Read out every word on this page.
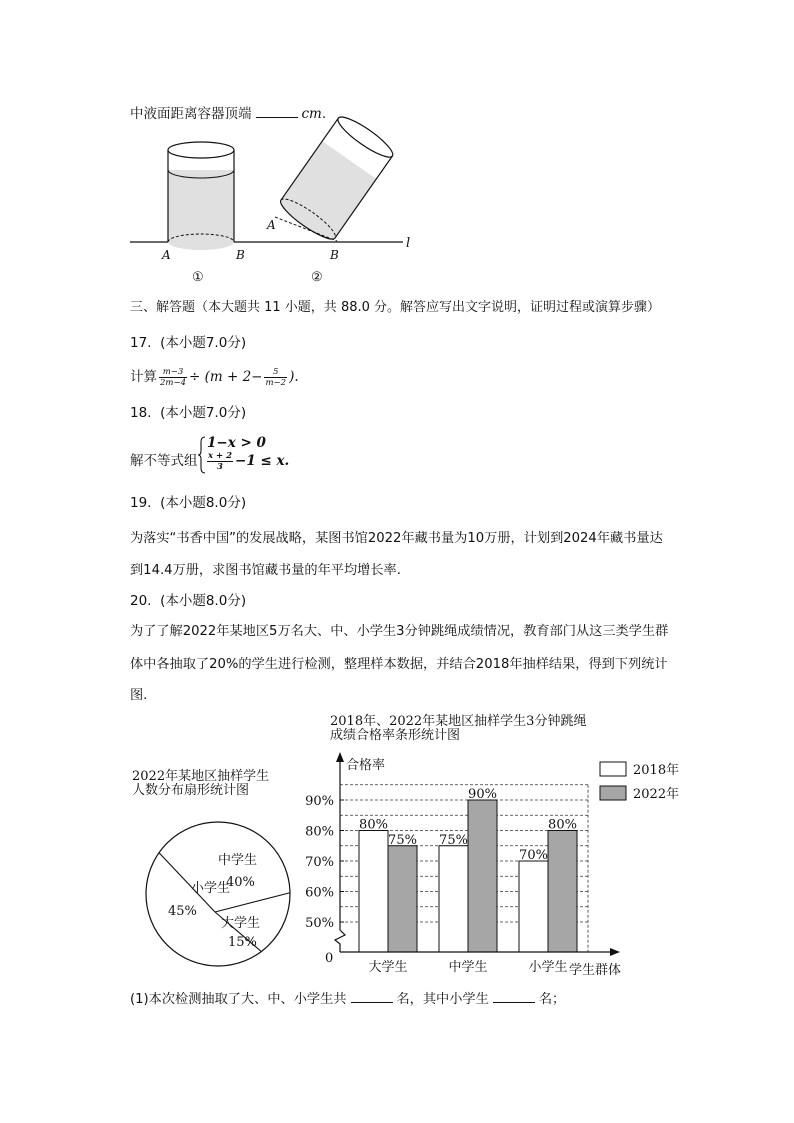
中液面距离容器顶端	cm.
l
A	B
①
A
B
②
三、解答题（本大题共 11 小题，共 88.0 分。解答应写出文字说明，证明过程或演算步骤）
17. (本小题7.0分)
计算 $\frac{m-3}{2m-4} \div (m + 2- \frac{5}{m-2}$ ).
18. (本小题7.0分)
解不等式组
1−x > 0
$\frac{x + 2}{3} -1 \le x$.
19. (本小题8.0分)
为落实“书香中国”的发展战略，某图书馆2022年藏书量为10万册，计划到2024年藏书量达
到14.4万册，求图书馆藏书量的年平均增长率.
20. (本小题8.0分)
为了了解2022年某地区5万名大、中、小学生3分钟跳绳成绩情况，教育部门从这三类学生群
体中各抽取了20%的学生进行检测，整理样本数据，并结合2018年抽样结果，得到下列统计
图.
2022年某地区抽样学生
人数分布扇形统计图
小学生
45%
中学生
40%
大学生
15%
2018年、2022年某地区抽样学生3分钟跳绳
成绩合格率条形统计图
合格率
学生群体
0
2018年
2022年
50%
60%
70%
80%
90%
80%
75%
大学生
75%
90%
中学生
70%
80%
小学生
(1)本次检测抽取了大、中、小学生共	名，其中小学生	名；
